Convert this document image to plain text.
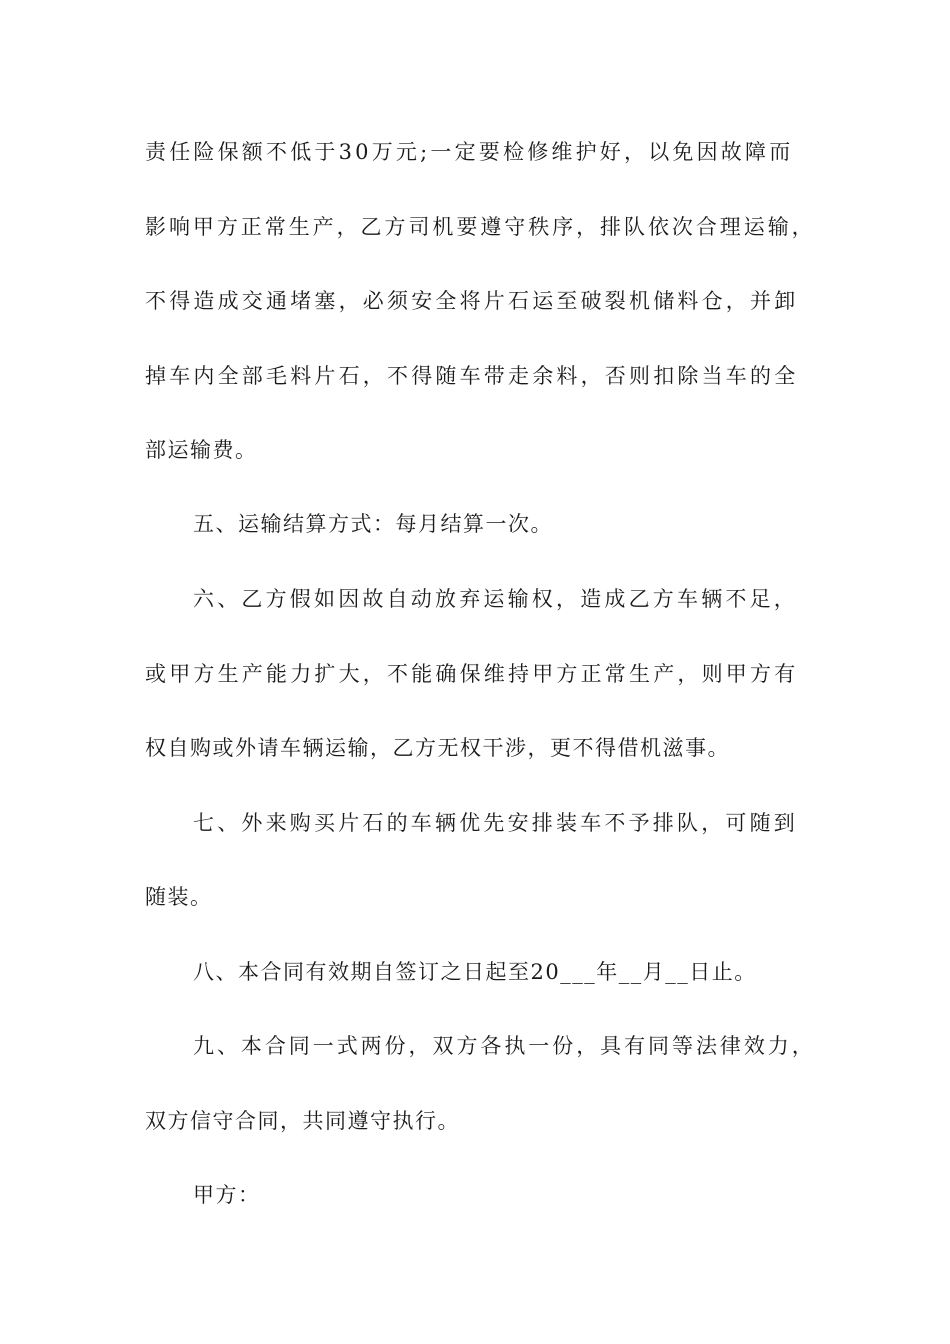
责任险保额不低于30万元;一定要检修维护好，以免因故障而
影响甲方正常生产，乙方司机要遵守秩序，排队依次合理运输，
不得造成交通堵塞，必须安全将片石运至破裂机储料仓，并卸
掉车内全部毛料片石，不得随车带走余料，否则扣除当车的全
部运输费。
五、运输结算方式：每月结算一次。
六、乙方假如因故自动放弃运输权，造成乙方车辆不足，
或甲方生产能力扩大，不能确保维持甲方正常生产，则甲方有
权自购或外请车辆运输，乙方无权干涉，更不得借机滋事。
七、外来购买片石的车辆优先安排装车不予排队，可随到
随装。
八、本合同有效期自签订之日起至20___年__月__日止。
九、本合同一式两份，双方各执一份，具有同等法律效力，
双方信守合同，共同遵守执行。
甲方：
